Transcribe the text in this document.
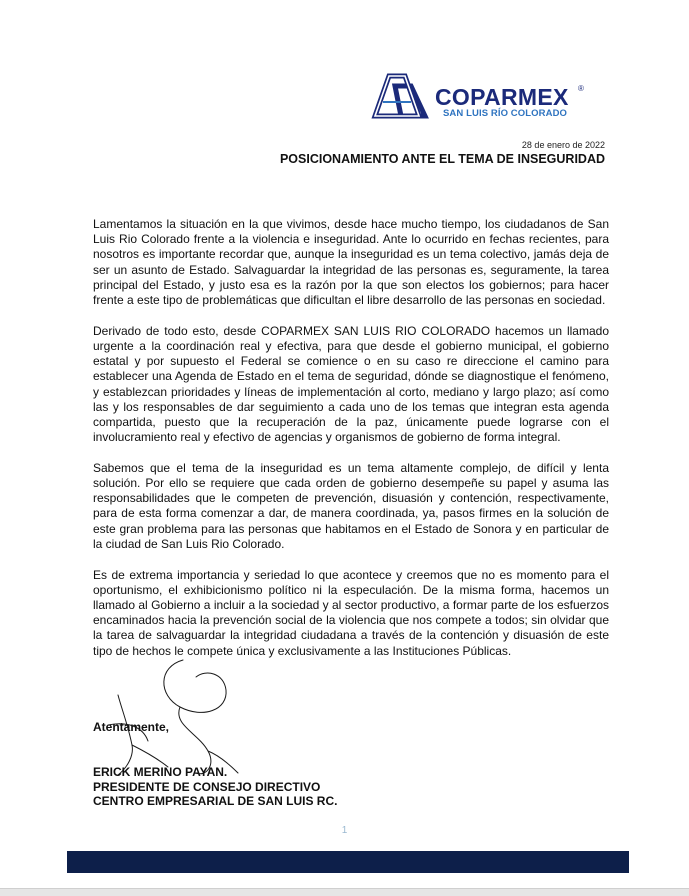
COPARMEX ®
SAN LUIS RÍO COLORADO
28 de enero de 2022
POSICIONAMIENTO ANTE EL TEMA DE INSEGURIDAD

Lamentamos la situación en la que vivimos, desde hace mucho tiempo, los ciudadanos de San Luis Rio Colorado frente a la violencia e inseguridad. Ante lo ocurrido en fechas recientes, para nosotros es importante recordar que, aunque la inseguridad es un tema colectivo, jamás deja de ser un asunto de Estado. Salvaguardar la integridad de las personas es, seguramente, la tarea principal del Estado, y justo esa es la razón por la que son electos los gobiernos; para hacer frente a este tipo de problemáticas que dificultan el libre desarrollo de las personas en sociedad.

Derivado de todo esto, desde COPARMEX SAN LUIS RIO COLORADO hacemos un llamado urgente a la coordinación real y efectiva, para que desde el gobierno municipal, el gobierno estatal y por supuesto el Federal se comience o en su caso re direccione el camino para establecer una Agenda de Estado en el tema de seguridad, dónde se diagnostique el fenómeno, y establezcan prioridades y líneas de implementación al corto, mediano y largo plazo; así como las y los responsables de dar seguimiento a cada uno de los temas que integran esta agenda compartida, puesto que la recuperación de la paz, únicamente puede lograrse con el involucramiento real y efectivo de agencias y organismos de gobierno de forma integral.

Sabemos que el tema de la inseguridad es un tema altamente complejo, de difícil y lenta solución. Por ello se requiere que cada orden de gobierno desempeñe su papel y asuma las responsabilidades que le competen de prevención, disuasión y contención, respectivamente, para de esta forma comenzar a dar, de manera coordinada, ya, pasos firmes en la solución de este gran problema para las personas que habitamos en el Estado de Sonora y en particular de la ciudad de San Luis Rio Colorado.

Es de extrema importancia y seriedad lo que acontece y creemos que no es momento para el oportunismo, el exhibicionismo político ni la especulación. De la misma forma, hacemos un llamado al Gobierno a incluir a la sociedad y al sector productivo, a formar parte de los esfuerzos encaminados hacia la prevención social de la violencia que nos compete a todos; sin olvidar que la tarea de salvaguardar la integridad ciudadana a través de la contención y disuasión de este tipo de hechos le compete única y exclusivamente a las Instituciones Públicas.

Atentamente,
ERICK MERINO PAYAN.
PRESIDENTE DE CONSEJO DIRECTIVO
CENTRO EMPRESARIAL DE SAN LUIS RC.
1
